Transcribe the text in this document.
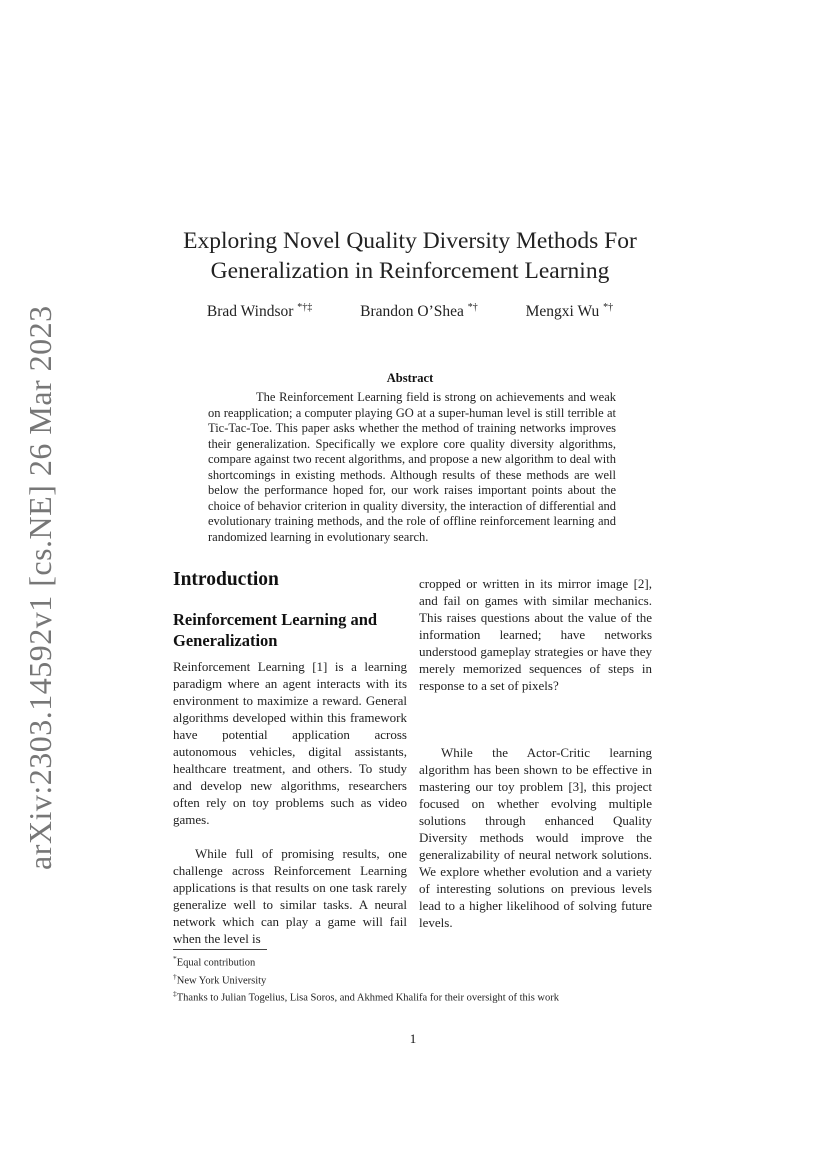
arXiv:2303.14592v1 [cs.NE] 26 Mar 2023
Exploring Novel Quality Diversity Methods For
Generalization in Reinforcement Learning
Brad Windsor *†‡	Brandon O’Shea *†	Mengxi Wu *†
Abstract

The Reinforcement Learning field is strong on achievements and weak on reapplication; a computer playing GO at a super-human level is still terrible at Tic-Tac-Toe. This paper asks whether the method of training networks improves their generalization. Specifically we explore core quality diversity algorithms, compare against two recent algorithms, and propose a new algorithm to deal with shortcomings in existing methods. Although results of these methods are well below the performance hoped for, our work raises important points about the choice of behavior criterion in quality diversity, the interaction of differential and evolutionary training methods, and the role of offline reinforcement learning and randomized learning in evolutionary search.

Introduction
Reinforcement Learning and Generalization

Reinforcement Learning [1] is a learning paradigm where an agent interacts with its environment to maximize a reward. General algorithms developed within this framework have potential application across autonomous vehicles, digital assistants, healthcare treatment, and others. To study and develop new algorithms, researchers often rely on toy problems such as video games.

While full of promising results, one challenge across Reinforcement Learning applications is that results on one task rarely generalize well to similar tasks. A neural network which can play a game will fail when the level is

cropped or written in its mirror image [2], and fail on games with similar mechanics. This raises questions about the value of the information learned; have networks understood gameplay strategies or have they merely memorized sequences of steps in response to a set of pixels?

While the Actor-Critic learning algorithm has been shown to be effective in mastering our toy problem [3], this project focused on whether evolving multiple solutions through enhanced Quality Diversity methods would improve the generalizability of neural network solutions. We explore whether evolution and a variety of interesting solutions on previous levels lead to a higher likelihood of solving future levels.

*Equal contribution
†New York University
‡Thanks to Julian Togelius, Lisa Soros, and Akhmed Khalifa for their oversight of this work
1
